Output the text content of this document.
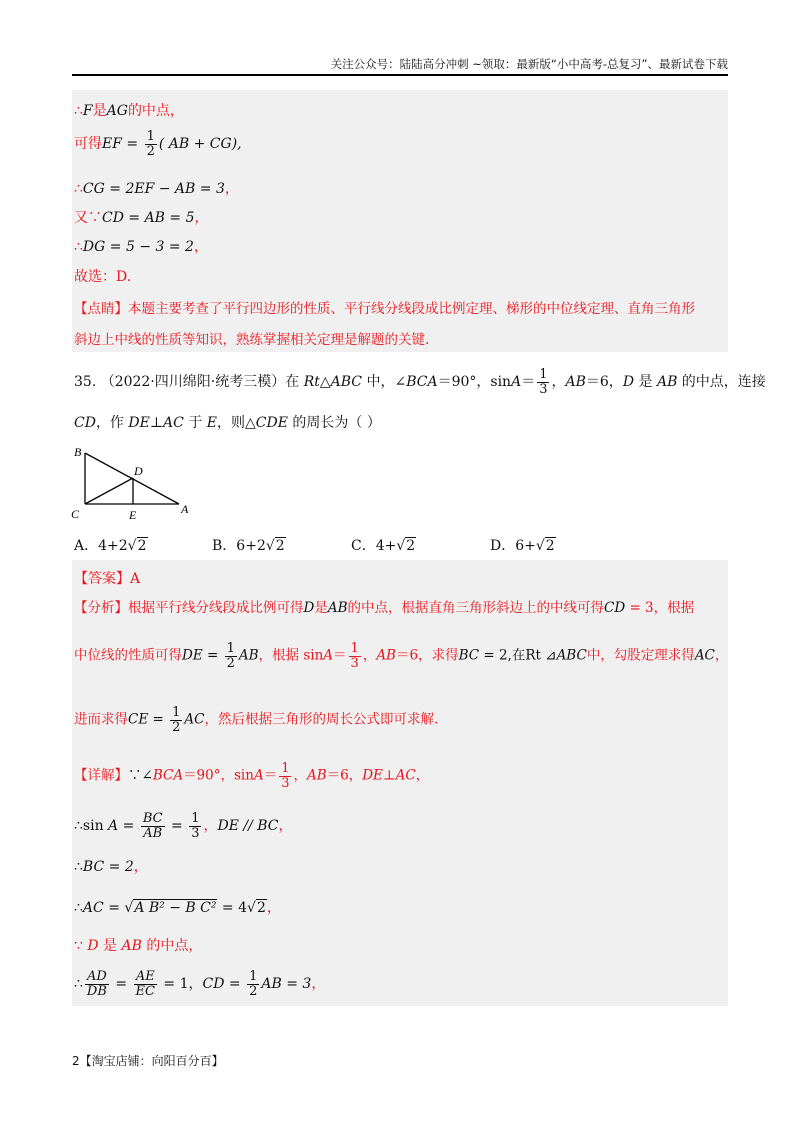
关注公众号：陆陆高分冲刺 ~领取：最新版“小中高考-总复习”、最新试卷下载
∴F是AG的中点，
可得EF = $\frac{1}{2}$ ( AB + CG),
∴CG = 2EF − AB = 3，
又∵CD = AB = 5，
∴DG = 5 − 3 = 2，
故选：D.
【点睛】本题主要考查了平行四边形的性质、平行线分线段成比例定理、梯形的中位线定理、直角三角形
斜边上中线的性质等知识，熟练掌握相关定理是解题的关键.
35. （2022·四川绵阳·统考三模）在 Rt△ABC 中，∠BCA＝90°，$\sin A= \frac{1}{3}$ ，AB＝6，D 是 AB 的中点，连接
CD，作 DE⊥AC 于 E，则△CDE 的周长为（ ）
B
D
C	E	A
A．4+2√2	B．6+2√2	C．4+√2	D．6+√2
【答案】A
【分析】根据平行线分线段成比例可得D是AB的中点，根据直角三角形斜边上的中线可得CD = 3，根据
中位线的性质可得DE = $\frac{1}{2}$ AB，根据 $\sin A= \frac{1}{3}$ ，AB＝6，求得BC = 2,在Rt ⊿ABC中，勾股定理求得AC，
进而求得CE = $\frac{1}{2}$ AC，然后根据三角形的周长公式即可求解.
【详解】∵∠BCA＝90°，$\sin A= \frac{1}{3}$ ，AB＝6，DE⊥AC，
∴sin $A = \frac{BC}{AB} = \frac{1}{3}$ ，DE // BC，
∴BC = 2，
∴AC = √A B² − B C² = 4√2，
∵ D 是 AB 的中点，
∴ $\frac{AD}{DB} = \frac{AE}{EC} = 1$，CD = $\frac{1}{2}$ AB = 3，
2【淘宝店铺：向阳百分百】
